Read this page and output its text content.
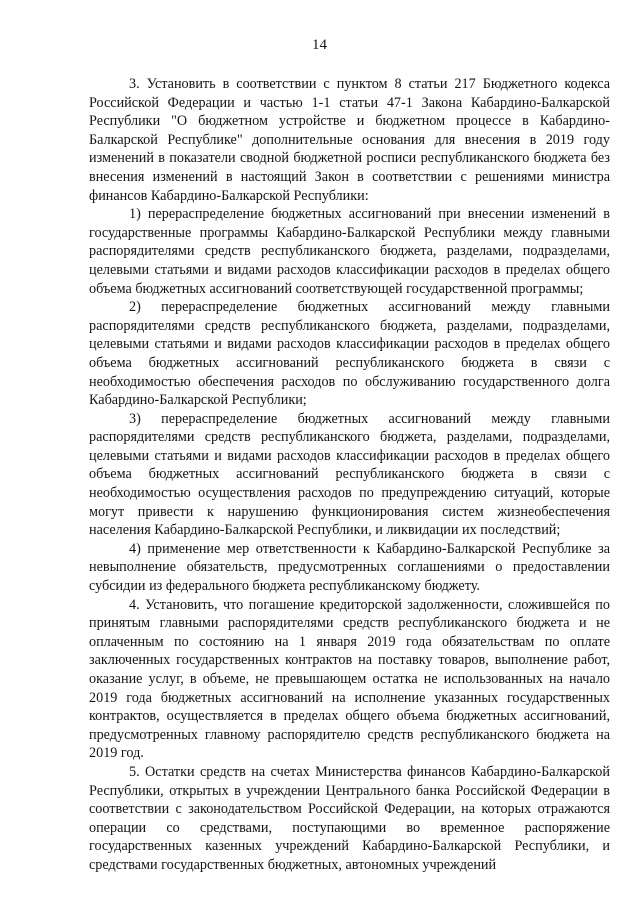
14

3. Установить в соответствии с пунктом 8 статьи 217 Бюджетного кодекса Российской Федерации и частью 1-1 статьи 47-1 Закона Кабардино-Балкарской Республики "О бюджетном устройстве и бюджетном процессе в Кабардино-Балкарской Республике" дополнительные основания для внесения в 2019 году изменений в показатели сводной бюджетной росписи республиканского бюджета без внесения изменений в настоящий Закон в соответствии с решениями министра финансов Кабардино-Балкарской Республики:

1) перераспределение бюджетных ассигнований при внесении изменений в государственные программы Кабардино-Балкарской Республики между главными распорядителями средств республиканского бюджета, разделами, подразделами, целевыми статьями и видами расходов классификации расходов в пределах общего объема бюджетных ассигнований соответствующей государственной программы;

2) перераспределение бюджетных ассигнований между главными распорядителями средств республиканского бюджета, разделами, подразделами, целевыми статьями и видами расходов классификации расходов в пределах общего объема бюджетных ассигнований республиканского бюджета в связи с необходимостью обеспечения расходов по обслуживанию государственного долга Кабардино-Балкарской Республики;

3) перераспределение бюджетных ассигнований между главными распорядителями средств республиканского бюджета, разделами, подразделами, целевыми статьями и видами расходов классификации расходов в пределах общего объема бюджетных ассигнований республиканского бюджета в связи с необходимостью осуществления расходов по предупреждению ситуаций, которые могут привести к нарушению функционирования систем жизнеобеспечения населения Кабардино-Балкарской Республики, и ликвидации их последствий;

4) применение мер ответственности к Кабардино-Балкарской Республике за невыполнение обязательств, предусмотренных соглашениями о предоставлении субсидии из федерального бюджета республиканскому бюджету.

4. Установить, что погашение кредиторской задолженности, сложившейся по принятым главными распорядителями средств республиканского бюджета и не оплаченным по состоянию на 1 января 2019 года обязательствам по оплате заключенных государственных контрактов на поставку товаров, выполнение работ, оказание услуг, в объеме, не превышающем остатка не использованных на начало 2019 года бюджетных ассигнований на исполнение указанных государственных контрактов, осуществляется в пределах общего объема бюджетных ассигнований, предусмотренных главному распорядителю средств республиканского бюджета на 2019 год.

5. Остатки средств на счетах Министерства финансов Кабардино-Балкарской Республики, открытых в учреждении Центрального банка Российской Федерации в соответствии с законодательством Российской Федерации, на которых отражаются операции со средствами, поступающими во временное распоряжение государственных казенных учреждений Кабардино-Балкарской Республики, и средствами государственных бюджетных, автономных учреждений
